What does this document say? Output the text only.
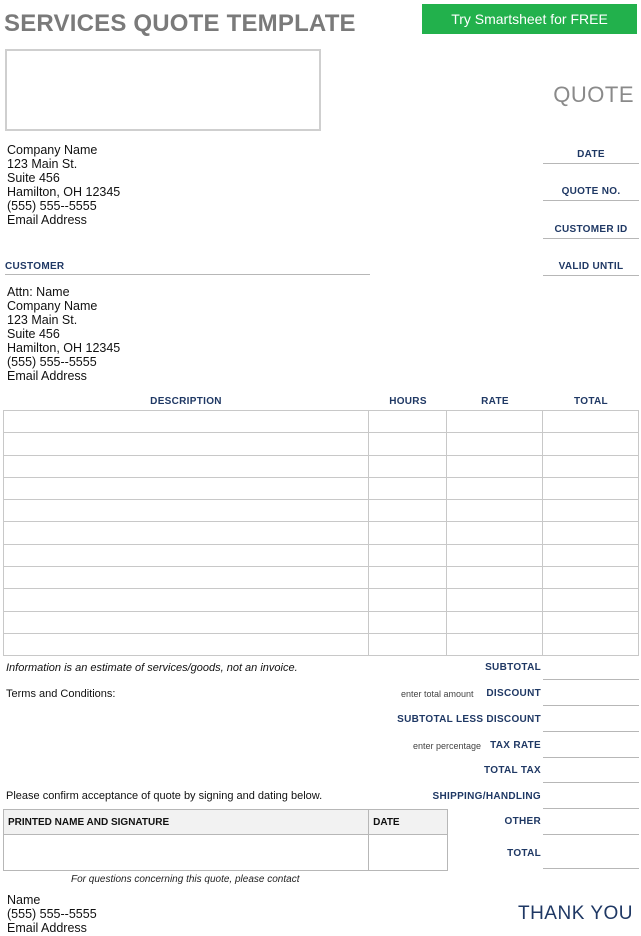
SERVICES QUOTE TEMPLATE	Try Smartsheet for FREE
QUOTE
Company Name
123 Main St.
Suite 456
Hamilton, OH 12345
(555) 555--5555
Email Address
DATE
QUOTE NO.
CUSTOMER ID
VALID UNTIL
CUSTOMER
Attn: Name
Company Name
123 Main St.
Suite 456
Hamilton, OH 12345
(555) 555--5555
Email Address
DESCRIPTION	HOURS	RATE	TOTAL

Information is an estimate of services/goods, not an invoice.
Terms and Conditions:
Please confirm acceptance of quote by signing and dating below.
SUBTOTAL
enter total amount DISCOUNT
SUBTOTAL LESS DISCOUNT
enter percentage TAX RATE
TOTAL TAX
SHIPPING/HANDLING
OTHER
TOTAL
PRINTED NAME AND SIGNATURE	DATE

For questions concerning this quote, please contact
Name
(555) 555--5555
Email Address
THANK YOU
